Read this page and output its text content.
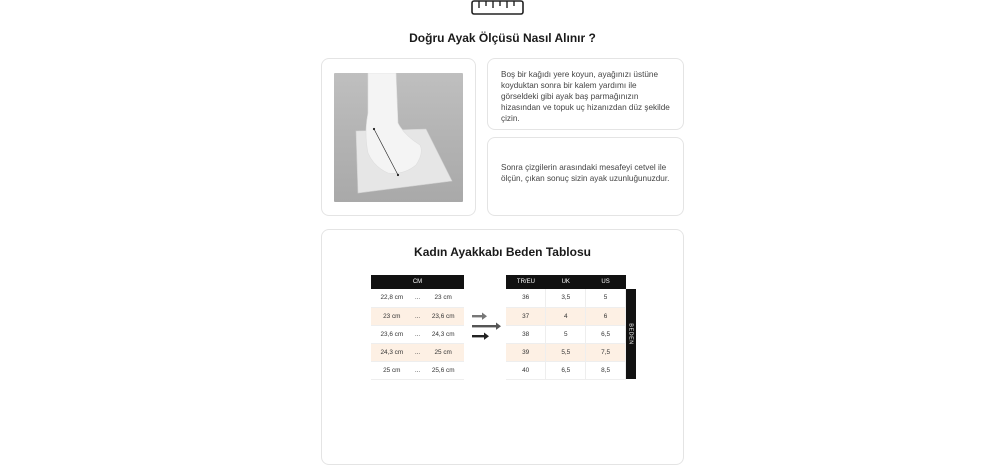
Doğru Ayak Ölçüsü Nasıl Alınır ?

Boş bir kağıdı yere koyun, ayağınızı üstüne koyduktan sonra bir kalem yardımı ile görseldeki gibi ayak baş parmağınızın hizasından ve topuk uç hizanızdan düz şekilde çizin.

Sonra çizgilerin arasındaki mesafeyi cetvel ile ölçün, çıkan sonuç sizin ayak uzunluğunuzdur.

Kadın Ayakkabı Beden Tablosu
CM		
22,8 cm	...	23 cm
23 cm	...	23,6 cm
23,6 cm	...	24,3 cm
24,3 cm	...	25 cm
25 cm	...	25,6 cm
TR/EU	UK	US
36	3,5	5
37	4	6
38	5	6,5
39	5,5	7,5
40	6,5	8,5
BEDEN
